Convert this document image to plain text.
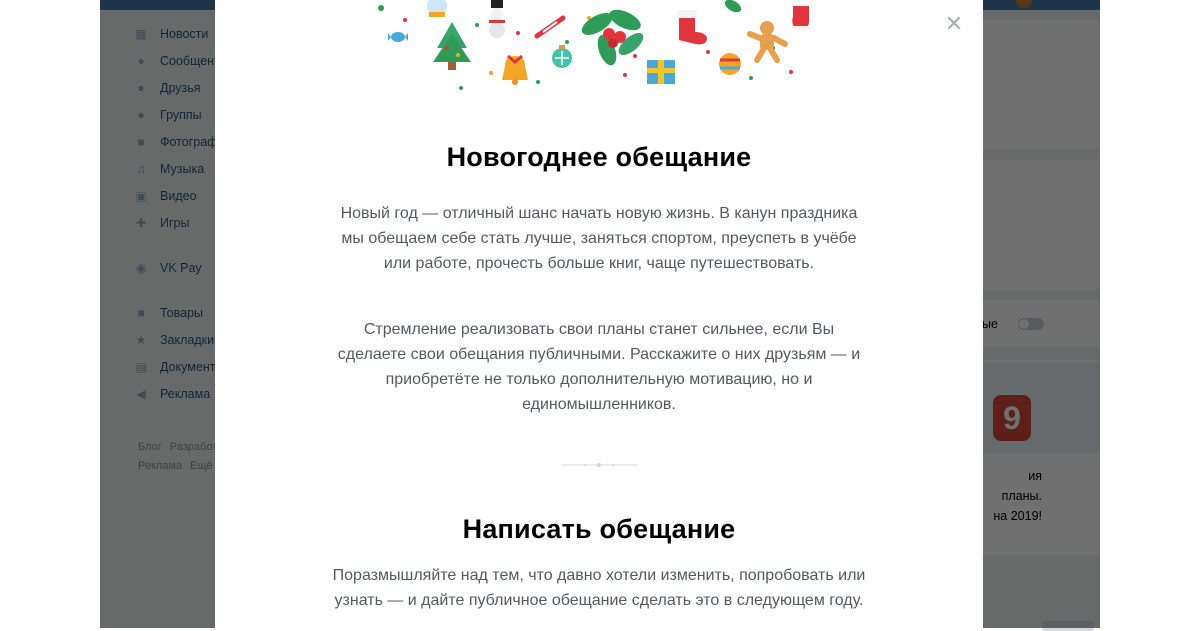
✕
Новогоднее обещание

Новый год — отличный шанс начать новую жизнь. В канун праздника мы обещаем себе стать лучше, заняться спортом, преуспеть в учёбе или работе, прочесть больше книг, чаще путешествовать.

Стремление реализовать свои планы станет сильнее, если Вы сделаете свои обещания публичными. Расскажите о них друзьям — и приобретёте не только дополнительную мотивацию, но и единомышленников.

Написать обещание

Поразмышляйте над тем, что давно хотели изменить, попробовать или узнать — и дайте публичное обещание сделать это в следующем году.
